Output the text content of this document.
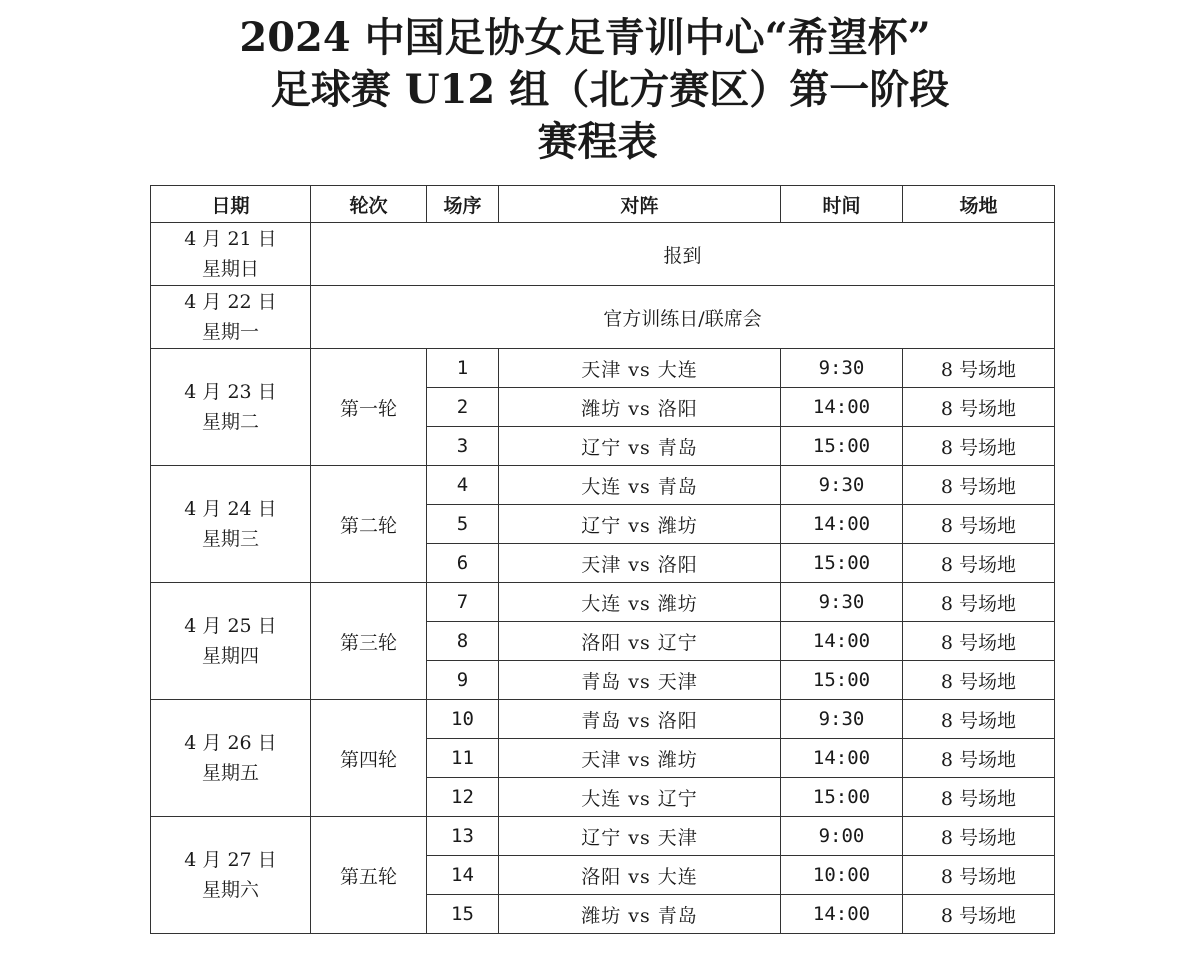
2024 中国足协女足青训中心“希望杯”
足球赛 U12 组（北方赛区）第一阶段
赛程表
日期	轮次	场序	对阵	时间	场地

4 月 21 日
星期日	报到				

4 月 22 日
星期一	官方训练日/联席会				

4 月 23 日
星期二	第一轮	1	天津 vs 大连	9:30	8 号场地
		2	潍坊 vs 洛阳	14:00	8 号场地
		3	辽宁 vs 青岛	15:00	8 号场地

4 月 24 日
星期三	第二轮	4	大连 vs 青岛	9:30	8 号场地
		5	辽宁 vs 潍坊	14:00	8 号场地
		6	天津 vs 洛阳	15:00	8 号场地

4 月 25 日
星期四	第三轮	7	大连 vs 潍坊	9:30	8 号场地
		8	洛阳 vs 辽宁	14:00	8 号场地
		9	青岛 vs 天津	15:00	8 号场地

4 月 26 日
星期五	第四轮	10	青岛 vs 洛阳	9:30	8 号场地
		11	天津 vs 潍坊	14:00	8 号场地
		12	大连 vs 辽宁	15:00	8 号场地

4 月 27 日
星期六	第五轮	13	辽宁 vs 天津	9:00	8 号场地
		14	洛阳 vs 大连	10:00	8 号场地
		15	潍坊 vs 青岛	14:00	8 号场地
